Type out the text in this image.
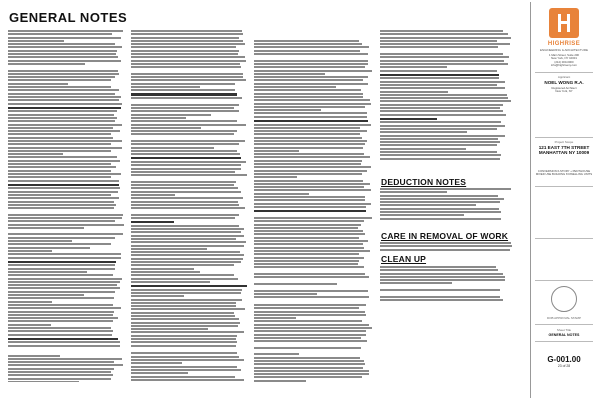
GENERAL NOTES
DEDUCTION NOTES
CARE IN REMOVAL OF WORK
CLEAN UP
HIGHRISE
ENGINEERING & ARCHITECTURE
1 Main Street, Suite 200
New York, NY 10001
(212) 000-0000
info@highriseny.com
Applicant
NOEL WONG R.A.
Registered Architect
New York, NY
Project Scope
121 EAST 7TH STREET MANHATTAN NY 10009
CONVERSION 6-STORY + PENTHOUSE MIXED USE BUILDING 8 DWELLING UNITS
DOB APPROVAL STAMP
Sheet Title
GENERAL NOTES
G-001.00
23 of 28
